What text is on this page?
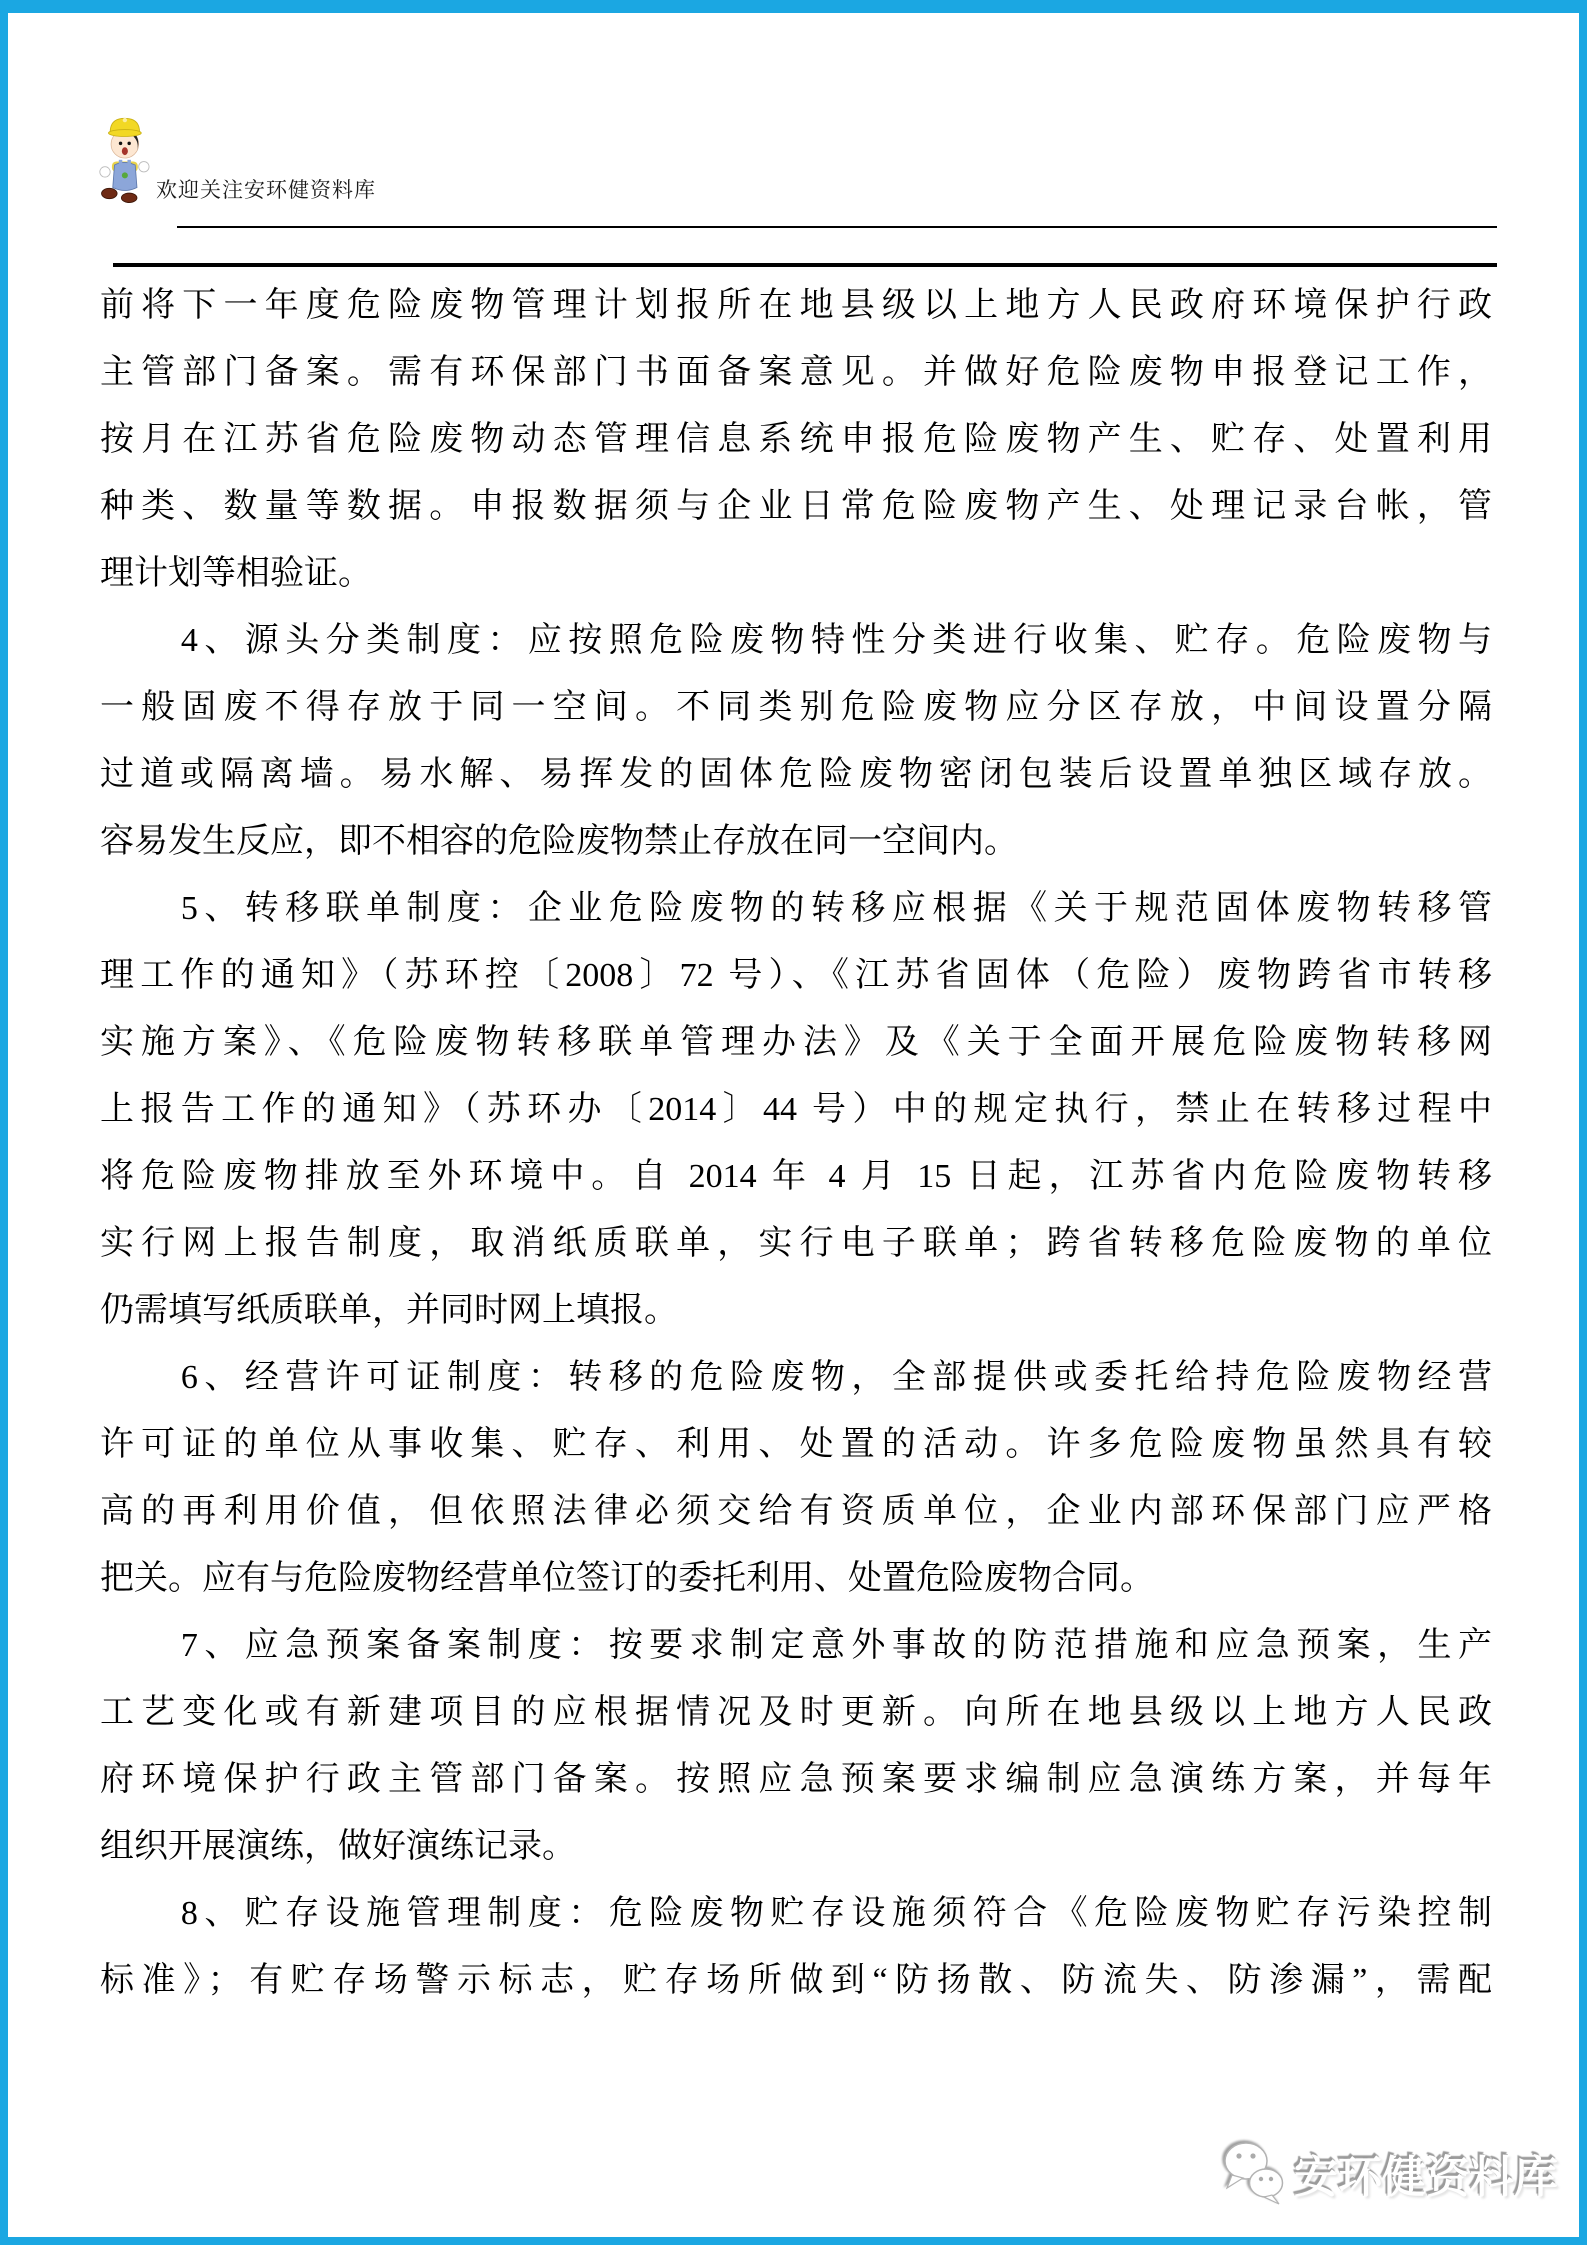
欢迎关注安环健资料库
前将下一年度危险废物管理计划报所在地县级以上地方人民政府环境保护行政
主管部门备案。需有环保部门书面备案意见。并做好危险废物申报登记工作，
按月在江苏省危险废物动态管理信息系统申报危险废物产生、贮存、处置利用
种类、数量等数据。申报数据须与企业日常危险废物产生、处理记录台帐，管
理计划等相验证。
　　4、源头分类制度：应按照危险废物特性分类进行收集、贮存。危险废物与
一般固废不得存放于同一空间。不同类别危险废物应分区存放，中间设置分隔
过道或隔离墙。易水解、易挥发的固体危险废物密闭包装后设置单独区域存放。
容易发生反应，即不相容的危险废物禁止存放在同一空间内。
　　5、转移联单制度：企业危险废物的转移应根据《关于规范固体废物转移管
理工作的通知》（苏环控〔2008〕72 号）、《江苏省固体（危险）废物跨省市转移
实施方案》、《危险废物转移联单管理办法》及《关于全面开展危险废物转移网
上报告工作的通知》（苏环办〔2014〕44 号）中的规定执行，禁止在转移过程中
将危险废物排放至外环境中。自 2014 年 4 月 15 日起，江苏省内危险废物转移
实行网上报告制度，取消纸质联单，实行电子联单；跨省转移危险废物的单位
仍需填写纸质联单，并同时网上填报。
　　6、经营许可证制度：转移的危险废物，全部提供或委托给持危险废物经营
许可证的单位从事收集、贮存、利用、处置的活动。许多危险废物虽然具有较
高的再利用价值，但依照法律必须交给有资质单位，企业内部环保部门应严格
把关。应有与危险废物经营单位签订的委托利用、处置危险废物合同。
　　7、应急预案备案制度：按要求制定意外事故的防范措施和应急预案，生产
工艺变化或有新建项目的应根据情况及时更新。向所在地县级以上地方人民政
府环境保护行政主管部门备案。按照应急预案要求编制应急演练方案，并每年
组织开展演练，做好演练记录。
　　8、贮存设施管理制度：危险废物贮存设施须符合《危险废物贮存污染控制
标准》；有贮存场警示标志，贮存场所做到“防扬散、防流失、防渗漏”，需配
安环健资料库
